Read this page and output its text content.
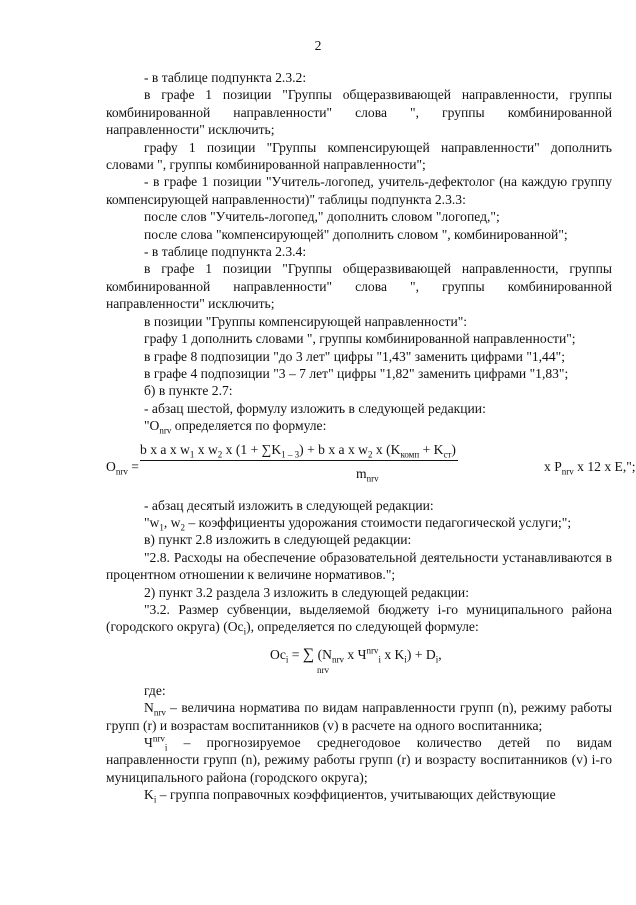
2

- в таблице подпункта 2.3.2:

в графе 1 позиции "Группы общеразвивающей направленности, группы комбинированной направленности" слова ", группы комбинированной направленности" исключить;

графу 1 позиции "Группы компенсирующей направленности" дополнить словами ", группы комбинированной направленности";

- в графе 1 позиции "Учитель-логопед, учитель-дефектолог (на каждую группу компенсирующей направленности)" таблицы подпункта 2.3.3:

после слов "Учитель-логопед," дополнить словом "логопед,";

после слова "компенсирующей" дополнить словом ", комбинированной";

- в таблице подпункта 2.3.4:

в графе 1 позиции "Группы общеразвивающей направленности, группы комбинированной направленности" слова ", группы комбинированной направленности" исключить;

в позиции "Группы компенсирующей направленности":

графу 1 дополнить словами ", группы комбинированной направленности";

в графе 8 подпозиции "до 3 лет" цифры "1,43" заменить цифрами "1,44";

в графе 4 подпозиции "3 – 7 лет" цифры "1,82" заменить цифрами "1,83";

б) в пункте 2.7:

- абзац шестой, формулу изложить в следующей редакции:

"$O_{nrv}$ определяется по формуле:

$O_{nrv}$ =
b x a x $w_1$ x $w_2$ x $(1 + \sum K_{1 - 3}) + b$ x a x $w_2$ x $(K_{комп} + K_{ст})$
x $P_{nrv}$ x 12 x E,";
$m_{nrv}$

- абзац десятый изложить в следующей редакции:

"$w_1$, $w_2$ – коэффициенты удорожания стоимости педагогической услуги;";

в) пункт 2.8 изложить в следующей редакции:

"2.8. Расходы на обеспечение образовательной деятельности устанавливаются в процентном отношении к величине нормативов.";

2) пункт 3.2 раздела 3 изложить в следующей редакции:

"3.2. Размер субвенции, выделяемой бюджету i-го муниципального района (городского округа) $(Oc_i)$, определяется по следующей формуле:

$Oc_i$ = ∑ ($N_{nrv}$ x $Ч^{nrv}_i$ x $K_i) + D_i$,
nrv

где:

$N_{nrv}$ – величина норматива по видам направленности групп (n), режиму работы групп (r) и возрастам воспитанников (v) в расчете на одного воспитанника;

$Ч^{nrv}_i$ – прогнозируемое среднегодовое количество детей по видам направленности групп (n), режиму работы групп (r) и возрасту воспитанников (v) i-го муниципального района (городского округа);

$K_i$ – группа поправочных коэффициентов, учитывающих действующие
